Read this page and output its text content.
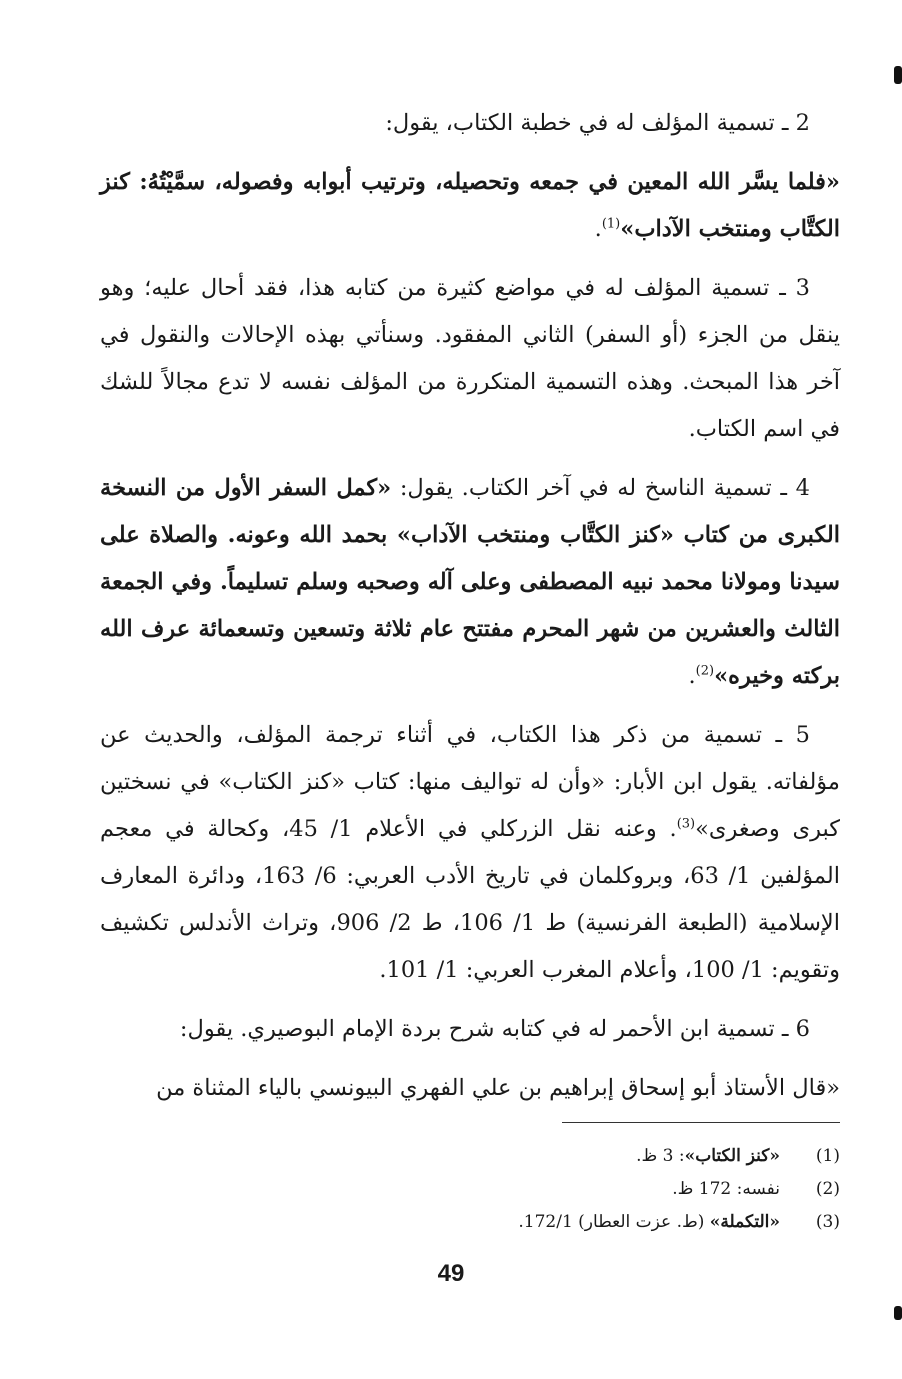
2 ـ تسمية المؤلف له في خطبة الكتاب، يقول:

«فلما يسَّر الله المعين في جمعه وتحصيله، وترتيب أبوابه وفصوله، سمَّيْتُهُ: كنز الكتَّاب ومنتخب الآداب»$^{(1)}$.

3 ـ تسمية المؤلف له في مواضع كثيرة من كتابه هذا، فقد أحال عليه؛ وهو ينقل من الجزء (أو السفر) الثاني المفقود. وسنأتي بهذه الإحالات والنقول في آخر هذا المبحث. وهذه التسمية المتكررة من المؤلف نفسه لا تدع مجالاً للشك في اسم الكتاب.

4 ـ تسمية الناسخ له في آخر الكتاب. يقول: «كمل السفر الأول من النسخة الكبرى من كتاب «كنز الكتَّاب ومنتخب الآداب» بحمد الله وعونه. والصلاة على سيدنا ومولانا محمد نبيه المصطفى وعلى آله وصحبه وسلم تسليماً. وفي الجمعة الثالث والعشرين من شهر المحرم مفتتح عام ثلاثة وتسعين وتسعمائة عرف الله بركته وخيره»$^{(2)}$.

5 ـ تسمية من ذكر هذا الكتاب، في أثناء ترجمة المؤلف، والحديث عن مؤلفاته. يقول ابن الأبار: «وأن له تواليف منها: كتاب «كنز الكتاب» في نسختين كبرى وصغرى»$^{(3)}$. وعنه نقل الزركلي في الأعلام 1/ 45، وكحالة في معجم المؤلفين 1/ 63، وبروكلمان في تاريخ الأدب العربي: 6/ 163، ودائرة المعارف الإسلامية (الطبعة الفرنسية) ط 1/ 106، ط 2/ 906، وتراث الأندلس تكشيف وتقويم: 1/ 100، وأعلام المغرب العربي: 1/ 101.

6 ـ تسمية ابن الأحمر له في كتابه شرح بردة الإمام البوصيري. يقول:

«قال الأستاذ أبو إسحاق إبراهيم بن علي الفهري البيونسي بالياء المثناة من

(1)
«كنز الكتاب»: 3 ظ.
(2)
نفسه: 172 ظ.
(3)
«التكملة» (ط. عزت العطار) 172/1.
49
